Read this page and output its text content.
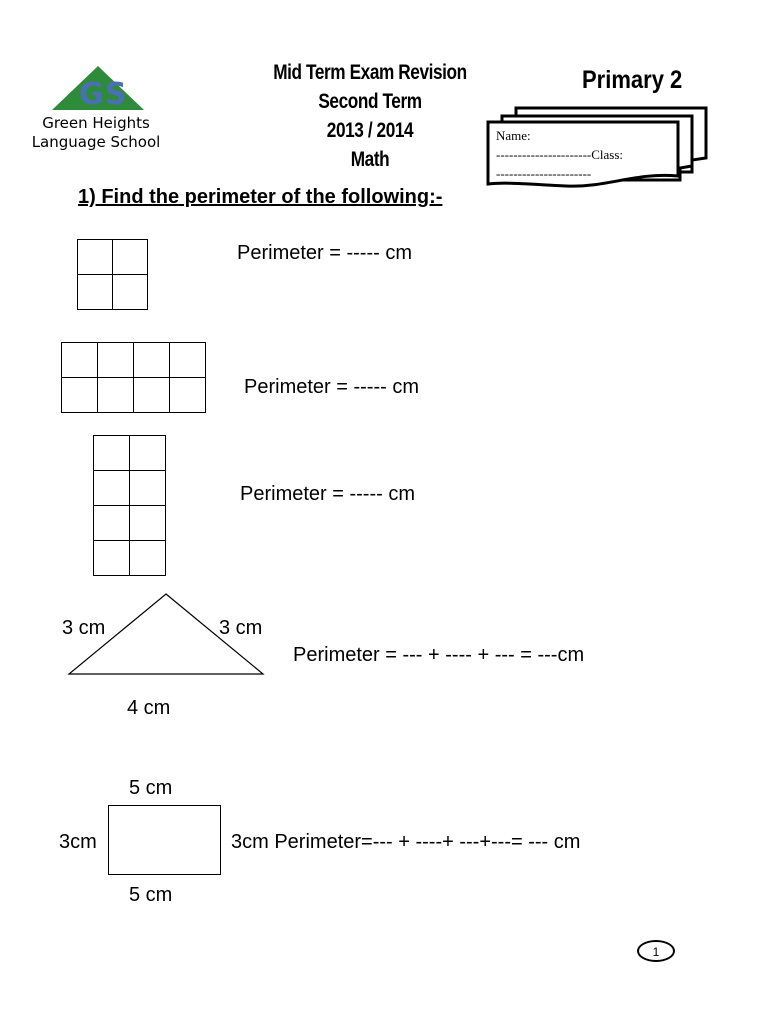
G S
Green Heights
Language School
Mid Term Exam Revision
Second Term
2013 / 2014
Math
Primary 2
Name:
----------------------Class:
----------------------
1) Find the perimeter of the following:-

Perimeter = ----- cm

Perimeter = ----- cm

Perimeter = ----- cm
3 cm	3 cm
4 cm
Perimeter = --- + ---- + --- = ---cm
5 cm
5 cm
3cm	3cm Perimeter=--- + ----+ ---+---= --- cm
1
